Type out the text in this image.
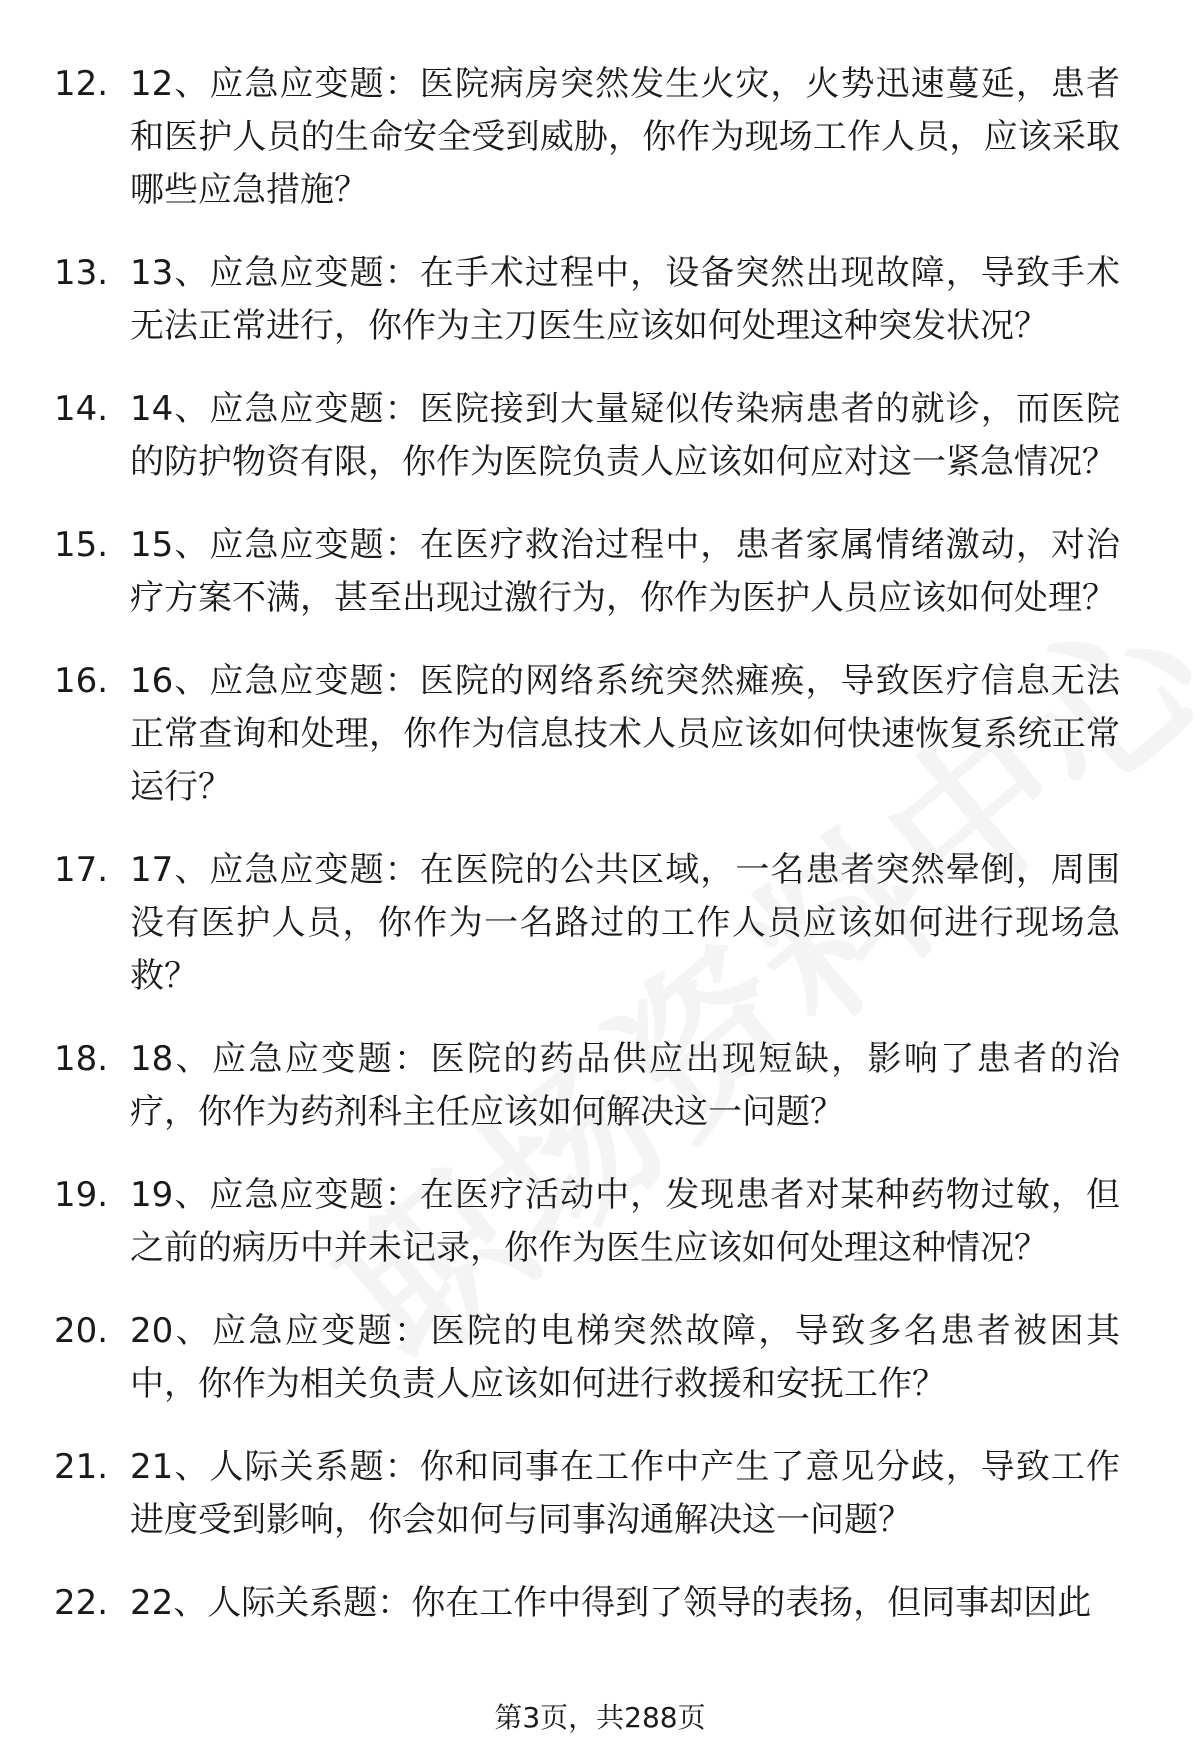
12. 12、应急应变题：医院病房突然发生火灾，火势迅速蔓延，患者和医护人员的生命安全受到威胁，你作为现场工作人员，应该采取哪些应急措施？
13. 13、应急应变题：在手术过程中，设备突然出现故障，导致手术无法正常进行，你作为主刀医生应该如何处理这种突发状况？
14. 14、应急应变题：医院接到大量疑似传染病患者的就诊，而医院的防护物资有限，你作为医院负责人应该如何应对这一紧急情况？
15. 15、应急应变题：在医疗救治过程中，患者家属情绪激动，对治疗方案不满，甚至出现过激行为，你作为医护人员应该如何处理？
16. 16、应急应变题：医院的网络系统突然瘫痪，导致医疗信息无法正常查询和处理，你作为信息技术人员应该如何快速恢复系统正常运行？
17. 17、应急应变题：在医院的公共区域，一名患者突然晕倒，周围没有医护人员，你作为一名路过的工作人员应该如何进行现场急救？
18. 18、应急应变题：医院的药品供应出现短缺，影响了患者的治疗，你作为药剂科主任应该如何解决这一问题？
19. 19、应急应变题：在医疗活动中，发现患者对某种药物过敏，但之前的病历中并未记录，你作为医生应该如何处理这种情况？
20. 20、应急应变题：医院的电梯突然故障，导致多名患者被困其中，你作为相关负责人应该如何进行救援和安抚工作？
21. 21、人际关系题：你和同事在工作中产生了意见分歧，导致工作进度受到影响，你会如何与同事沟通解决这一问题？
22. 22、人际关系题：你在工作中得到了领导的表扬，但同事却因此
第3页，共288页
